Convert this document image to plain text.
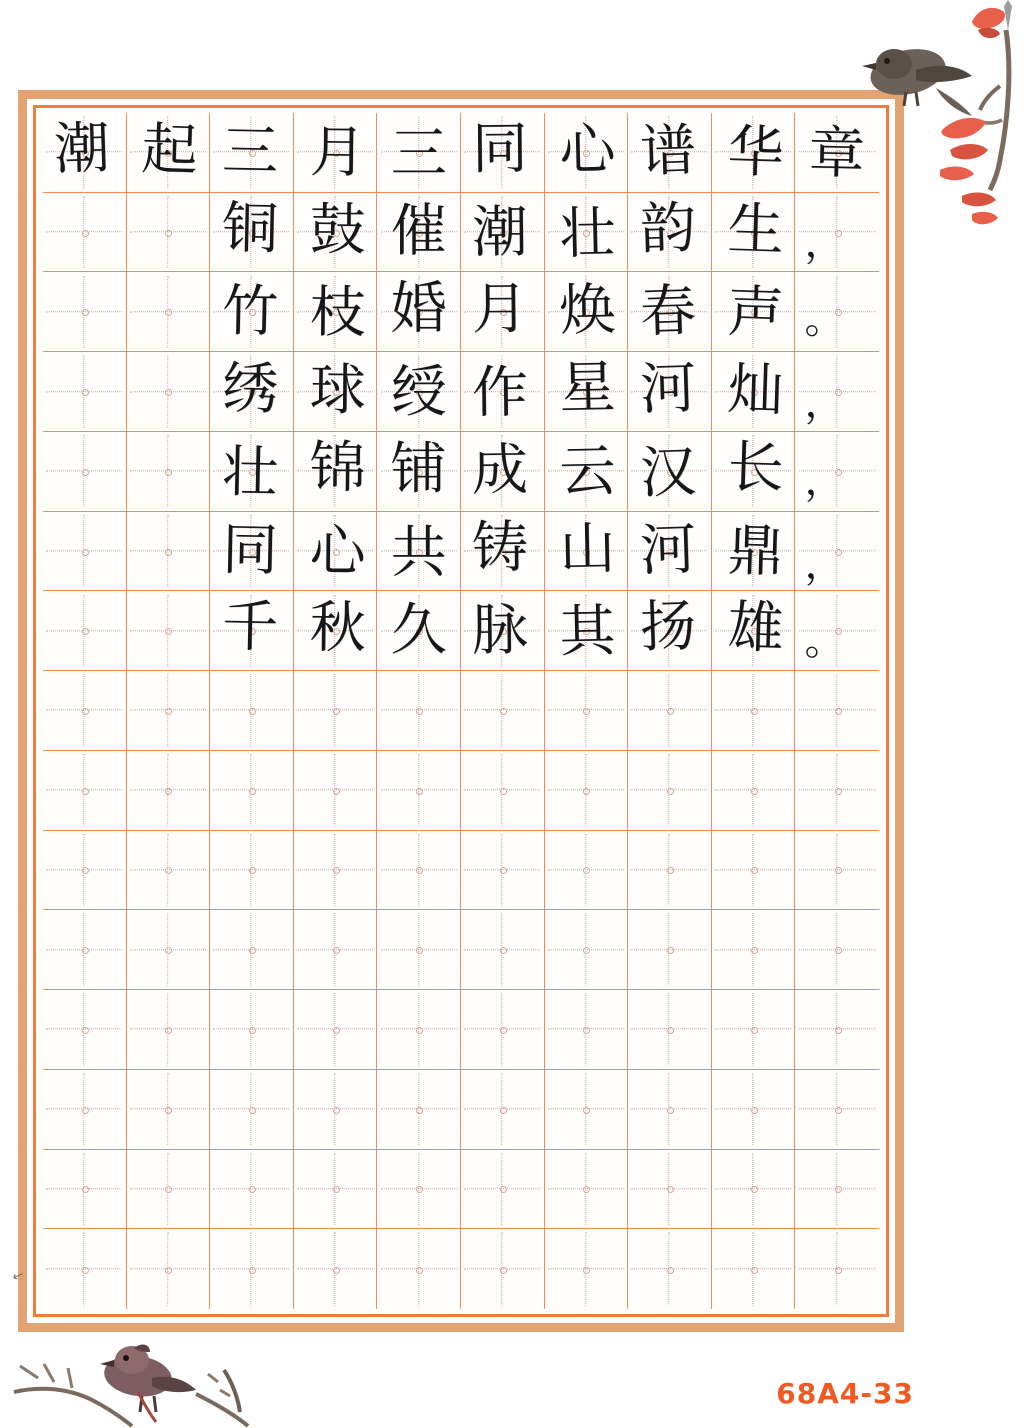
潮 起 三 月 三 同 心 谱 华 章
铜 鼓 催 潮 壮 韵 生 ，
竹 枝 婚 月 焕 春 声 。
绣 球 绶 作 星 河 灿 ，
壮 锦 铺 成 云 汉 长 ，
同 心 共 铸 山 河 鼎 ，
千 秋 久 脉 其 扬 雄 。
↙
68A4-33
